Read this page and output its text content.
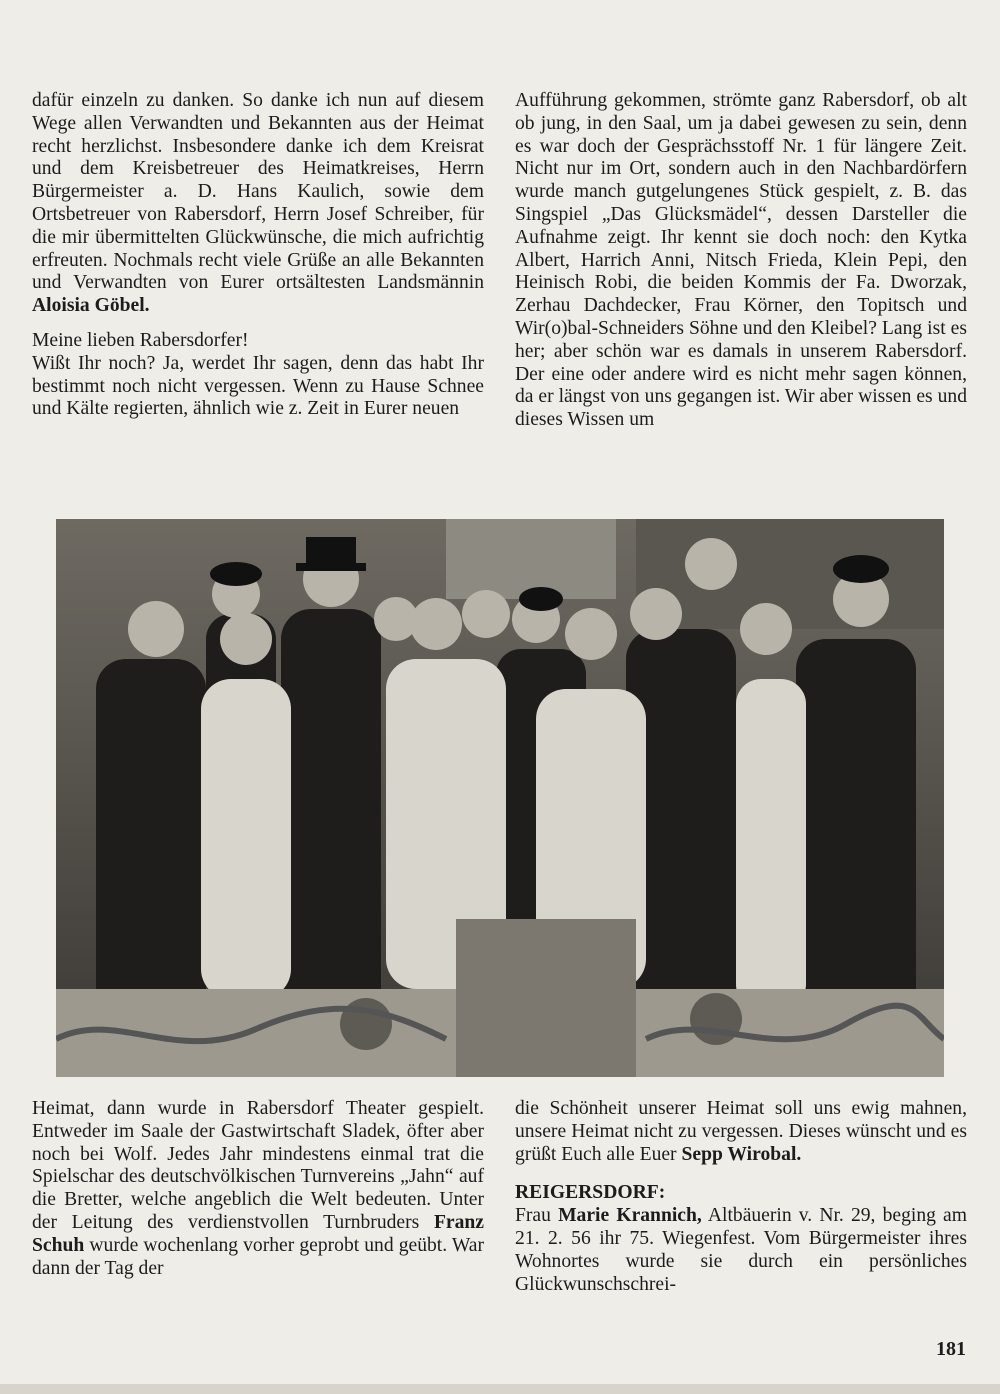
dafür einzeln zu danken. So danke ich nun auf diesem Wege allen Verwandten und Bekannten aus der Heimat recht herzlichst. Insbesondere danke ich dem Kreisrat und dem Kreisbetreuer des Heimatkreises, Herrn Bürgermeister a. D. Hans Kaulich, sowie dem Ortsbetreuer von Rabersdorf, Herrn Josef Schreiber, für die mir übermittelten Glückwünsche, die mich aufrichtig erfreuten. Nochmals recht viele Grüße an alle Bekannten und Verwandten von Eurer ortsältesten Landsmännin Aloisia Göbel.

Meine lieben Rabersdorfer!

Wißt Ihr noch? Ja, werdet Ihr sagen, denn das habt Ihr bestimmt noch nicht vergessen. Wenn zu Hause Schnee und Kälte regierten, ähnlich wie z. Zeit in Eurer neuen

Aufführung gekommen, strömte ganz Rabersdorf, ob alt ob jung, in den Saal, um ja dabei gewesen zu sein, denn es war doch der Gesprächsstoff Nr. 1 für längere Zeit. Nicht nur im Ort, sondern auch in den Nachbardörfern wurde manch gutgelungenes Stück gespielt, z. B. das Singspiel „Das Glücksmädel“, dessen Darsteller die Aufnahme zeigt. Ihr kennt sie doch noch: den Kytka Albert, Harrich Anni, Nitsch Frieda, Klein Pepi, den Heinisch Robi, die beiden Kommis der Fa. Dworzak, Zerhau Dachdecker, Frau Körner, den Topitsch und Wir(o)bal-Schneiders Söhne und den Kleibel? Lang ist es her; aber schön war es damals in unserem Rabersdorf. Der eine oder andere wird es nicht mehr sagen können, da er längst von uns gegangen ist. Wir aber wissen es und dieses Wissen um

Heimat, dann wurde in Rabersdorf Theater gespielt. Entweder im Saale der Gastwirtschaft Sladek, öfter aber noch bei Wolf. Jedes Jahr mindestens einmal trat die Spielschar des deutschvölkischen Turnvereins „Jahn“ auf die Bretter, welche angeblich die Welt bedeuten. Unter der Leitung des verdienstvollen Turnbruders Franz Schuh wurde wochenlang vorher geprobt und geübt. War dann der Tag der

die Schönheit unserer Heimat soll uns ewig mahnen, unsere Heimat nicht zu vergessen. Dieses wünscht und es grüßt Euch alle Euer Sepp Wirobal.

REIGERSDORF:

Frau Marie Krannich, Altbäuerin v. Nr. 29, beging am 21. 2. 56 ihr 75. Wiegenfest. Vom Bürgermeister ihres Wohnortes wurde sie durch ein persönliches Glückwunschschrei-

181
